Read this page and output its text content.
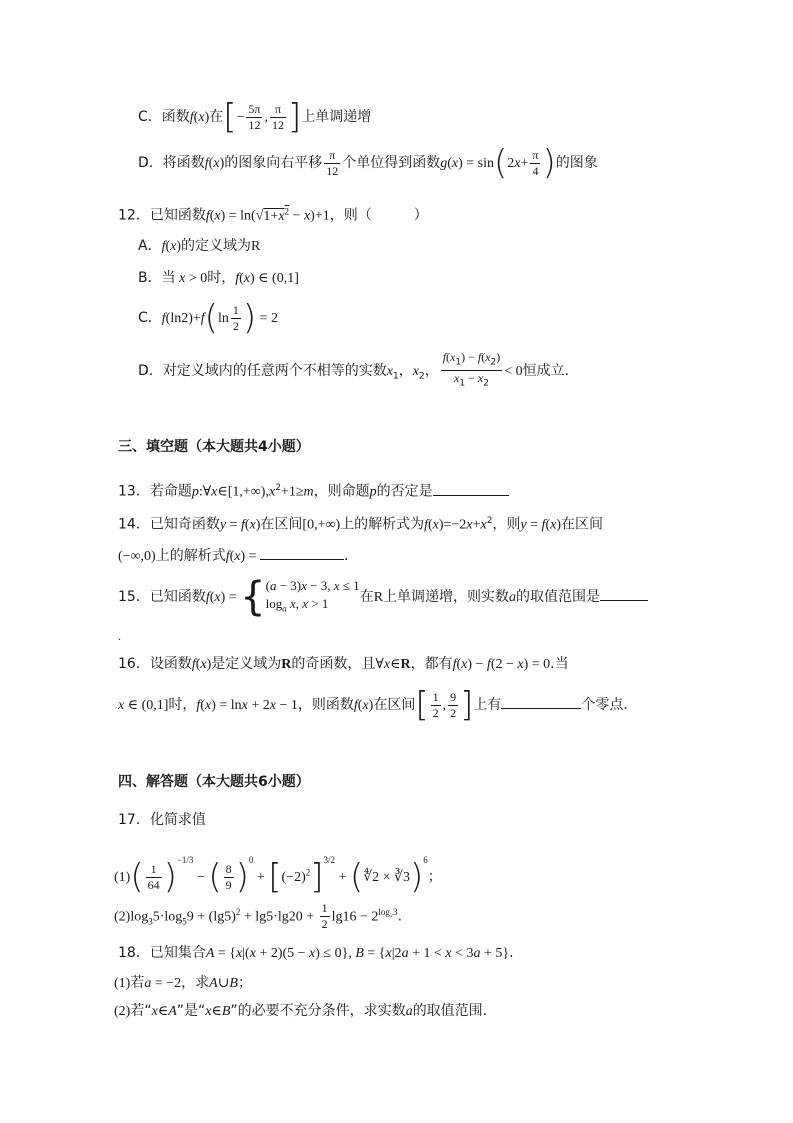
C．函数f(x)在[− $\frac{5\pi}{12}$ , $\frac{\pi}{12}$ ]上单调递增
D．将函数f(x)的图象向右平移 $\frac{\pi}{12}$ 个单位得到函数$g(x) = \sin(2x+ \frac{\pi}{4}$ )的图象
12．已知函数$f(x) = \ln(√1+x^2 - x)+1$，则（　　　）
A．f(x)的定义域为R
B．当 x > 0时，f(x) ∈ (0,1]
C．$f(\ln 2)+f(\ln \frac{1}{2}$ ) = 2
D．对定义域内的任意两个不相等的实数$x_1$，$x_2$， $\frac{f(x_1) - f(x_2)}{x_1 - x_2} < 0$恒成立.
三、填空题（本大题共4小题）
13．若命题$p:\forall x\in[1,+\infty),x^2+1\ge m$，则命题p的否定是
14．已知奇函数y = f(x)在区间[0,+∞)上的解析式为$f(x)=-2x+x^2$，则y = f(x)在区间
(−∞,0)上的解析式f(x) =	．
15．已知函数f(x) = { (a − 3)x − 3, x ≤ 1
$\log_a x$, x > 1	在R上单调递增，则实数a的取值范围是
.
16．设函数f(x)是定义域为R的奇函数，且∀x∈R，都有f(x) − f(2 − x) = 0.当
x ∈ (0,1]时，f(x) = lnx + 2x − 1，则函数f(x)在区间[ $\frac{1}{2}$ , $\frac{9}{2}$ ]上有	个零点.
四、解答题（本大题共6小题）
17．化简求值
$(1)( \frac{1}{64} )^{-1/3}$ − ( $\frac{8}{9} )^0 + [(-2)^2]^{3/2}$ + (∜2 × ∛3)$^6$；
$(2)\log_35\cdot\log_59 + (\lg 5)^2 + \lg 5\cdot\lg 20 + \frac{1}{2} \lg 16 - 2^{log_23}$.
18．已知集合A = {x|(x + 2)(5 − x) ≤ 0}, B = {x|2a + 1 < x < 3a + 5}.
(1)若a = −2，求A∪B；
(2)若“x∈A”是“x∈B”的必要不充分条件，求实数a的取值范围.
